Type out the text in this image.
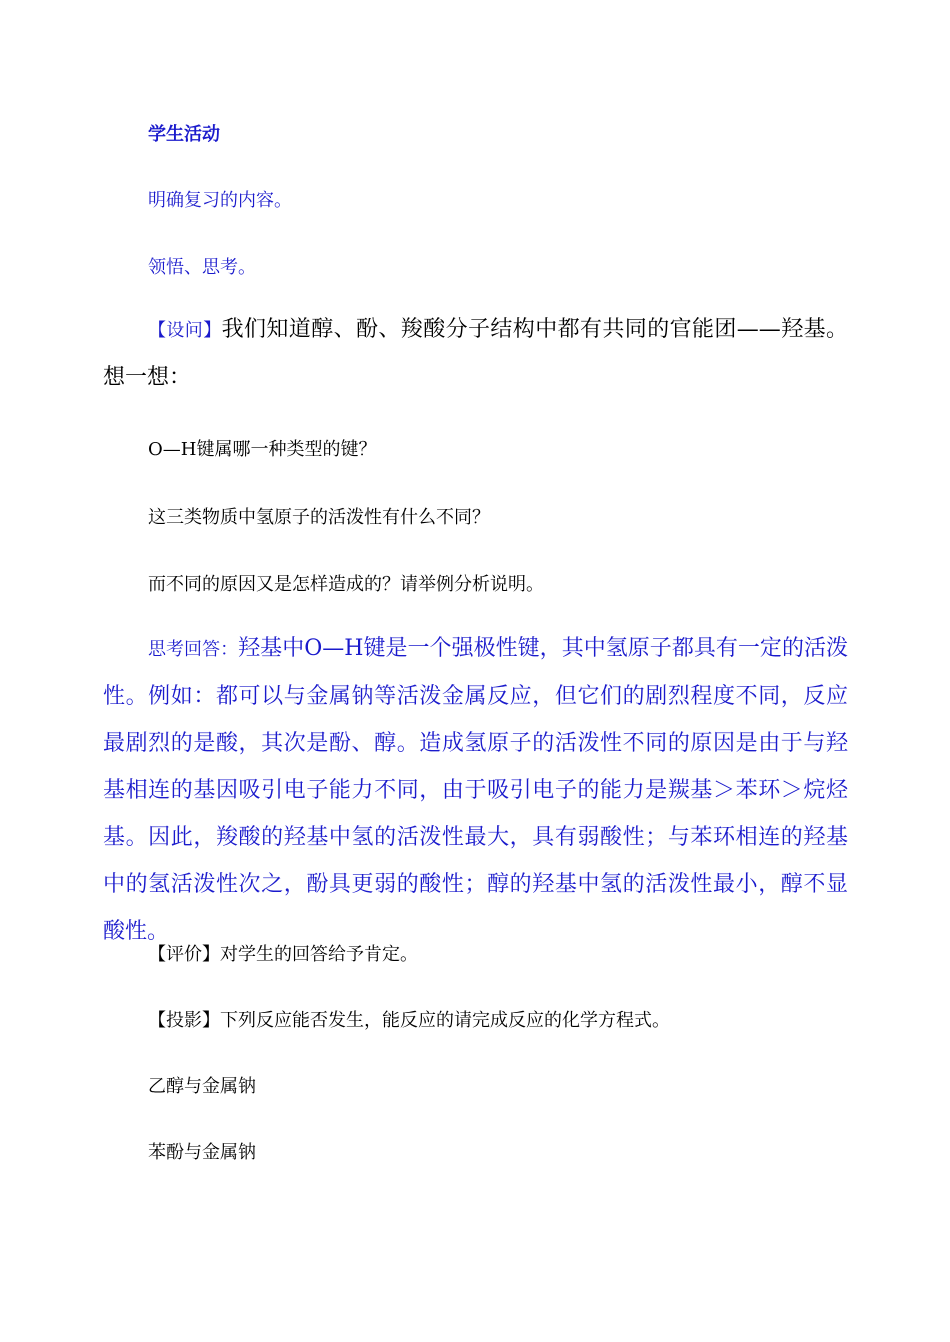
学生活动
明确复习的内容。
领悟、思考。
【设问】我们知道醇、酚、羧酸分子结构中都有共同的官能团——羟基。想一想：
O—H键属哪一种类型的键？
这三类物质中氢原子的活泼性有什么不同？
而不同的原因又是怎样造成的？请举例分析说明。
思考回答：羟基中O—H键是一个强极性键，其中氢原子都具有一定的活泼性。例如：都可以与金属钠等活泼金属反应，但它们的剧烈程度不同，反应最剧烈的是酸，其次是酚、醇。造成氢原子的活泼性不同的原因是由于与羟基相连的基因吸引电子能力不同，由于吸引电子的能力是羰基＞苯环＞烷烃基。因此，羧酸的羟基中氢的活泼性最大，具有弱酸性；与苯环相连的羟基中的氢活泼性次之，酚具更弱的酸性；醇的羟基中氢的活泼性最小，醇不显酸性。
【评价】对学生的回答给予肯定。
【投影】下列反应能否发生，能反应的请完成反应的化学方程式。
乙醇与金属钠
苯酚与金属钠
